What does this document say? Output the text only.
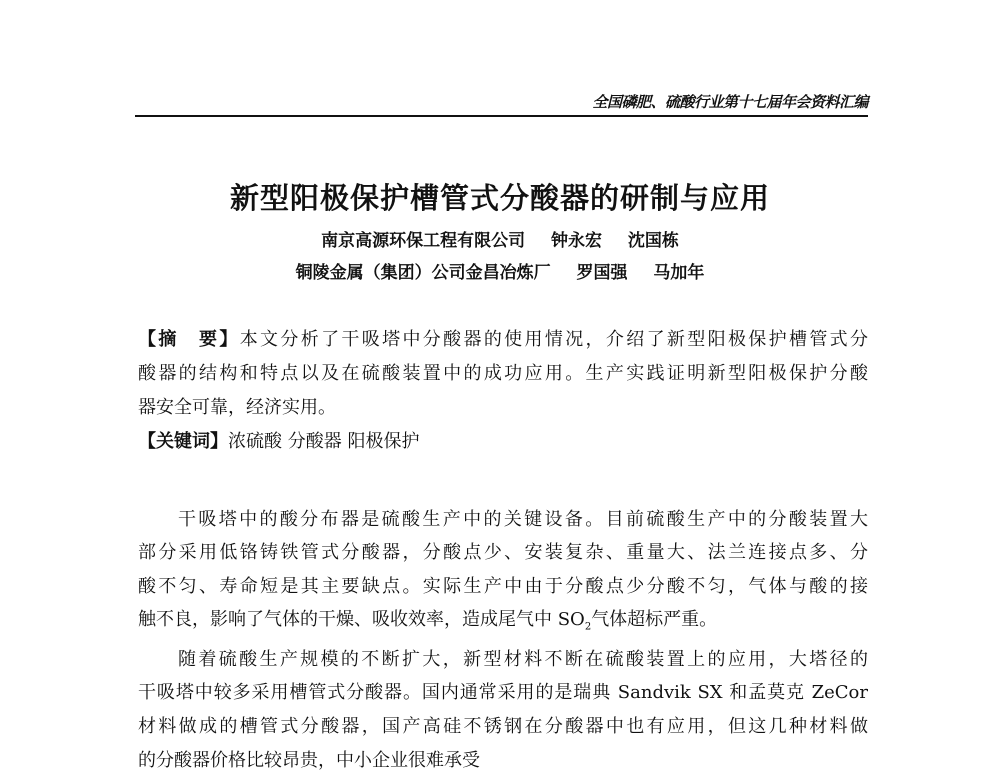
全国磷肥、硫酸行业第十七届年会资料汇编
新型阳极保护槽管式分酸器的研制与应用
南京高源环保工程有限公司 钟永宏 沈国栋
铜陵金属（集团）公司金昌冶炼厂 罗国强 马加年
【摘　要】本文分析了干吸塔中分酸器的使用情况，介绍了新型阳极保护槽管式分
酸器的结构和特点以及在硫酸装置中的成功应用。生产实践证明新型阳极保护分酸
器安全可靠，经济实用。
【关键词】浓硫酸 分酸器 阳极保护
干吸塔中的酸分布器是硫酸生产中的关键设备。目前硫酸生产中的分酸装置大
部分采用低铬铸铁管式分酸器，分酸点少、安装复杂、重量大、法兰连接点多、分
酸不匀、寿命短是其主要缺点。实际生产中由于分酸点少分酸不匀，气体与酸的接
触不良，影响了气体的干燥、吸收效率，造成尾气中 $SO_2$气体超标严重。
随着硫酸生产规模的不断扩大，新型材料不断在硫酸装置上的应用，大塔径的
干吸塔中较多采用槽管式分酸器。国内通常采用的是瑞典 Sandvik SX 和孟莫克 ZeCor
材料做成的槽管式分酸器，国产高硅不锈钢在分酸器中也有应用，但这几种材料做
的分酸器价格比较昂贵，中小企业很难承受
